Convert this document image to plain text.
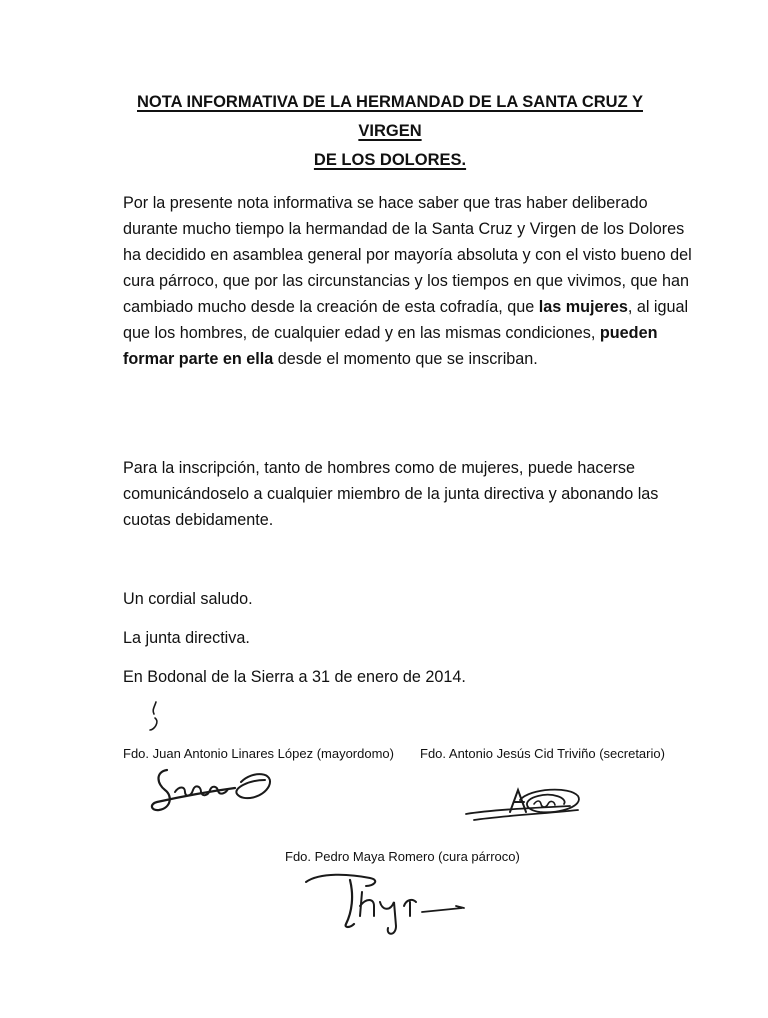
NOTA INFORMATIVA DE LA HERMANDAD DE LA SANTA CRUZ Y VIRGEN
DE LOS DOLORES.

Por la presente nota informativa se hace saber que tras haber deliberado durante mucho tiempo la hermandad de la Santa Cruz y Virgen de los Dolores ha decidido en asamblea general por mayoría absoluta y con el visto bueno del cura párroco, que por las circunstancias y los tiempos en que vivimos, que han cambiado mucho desde la creación de esta cofradía, que las mujeres, al igual que los hombres, de cualquier edad y en las mismas condiciones, pueden formar parte en ella desde el momento que se inscriban.

Para la inscripción, tanto de hombres como de mujeres, puede hacerse comunicándoselo a cualquier miembro de la junta directiva y abonando las cuotas debidamente.

Un cordial saludo.
La junta directiva.
En Bodonal de la Sierra a 31 de enero de 2014.
Fdo. Juan Antonio Linares López (mayordomo) Fdo. Antonio Jesús Cid Triviño (secretario)
Fdo. Pedro Maya Romero (cura párroco)
